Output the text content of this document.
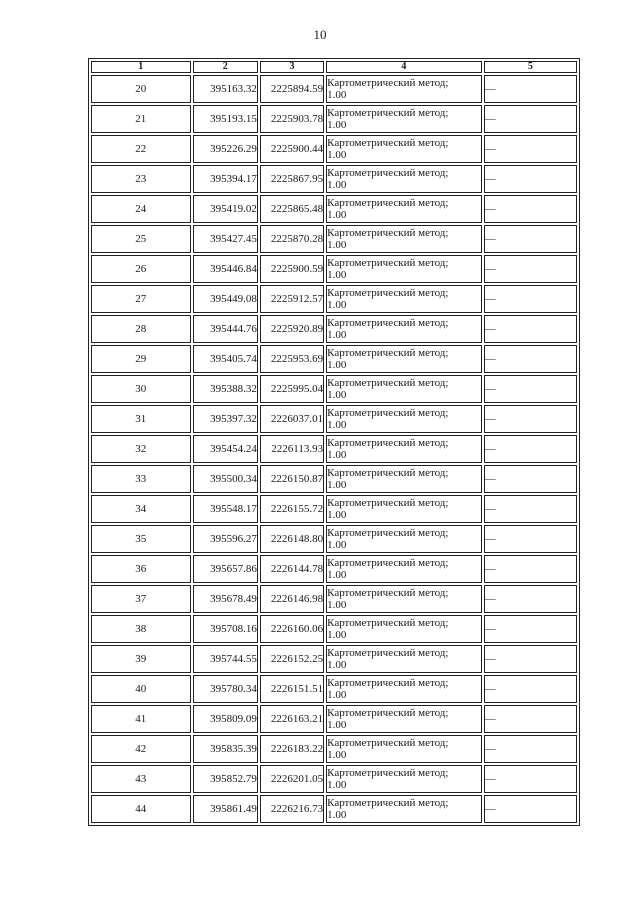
10
1	2	3	4	5
20	395163.32	2225894.59	Картометрический метод;
1.00	—
21	395193.15	2225903.78	Картометрический метод;
1.00	—
22	395226.29	2225900.44	Картометрический метод;
1.00	—
23	395394.17	2225867.95	Картометрический метод;
1.00	—
24	395419.02	2225865.48	Картометрический метод;
1.00	—
25	395427.45	2225870.28	Картометрический метод;
1.00	—
26	395446.84	2225900.59	Картометрический метод;
1.00	—
27	395449.08	2225912.57	Картометрический метод;
1.00	—
28	395444.76	2225920.89	Картометрический метод;
1.00	—
29	395405.74	2225953.69	Картометрический метод;
1.00	—
30	395388.32	2225995.04	Картометрический метод;
1.00	—
31	395397.32	2226037.01	Картометрический метод;
1.00	—
32	395454.24	2226113.93	Картометрический метод;
1.00	—
33	395500.34	2226150.87	Картометрический метод;
1.00	—
34	395548.17	2226155.72	Картометрический метод;
1.00	—
35	395596.27	2226148.80	Картометрический метод;
1.00	—
36	395657.86	2226144.78	Картометрический метод;
1.00	—
37	395678.49	2226146.98	Картометрический метод;
1.00	—
38	395708.16	2226160.06	Картометрический метод;
1.00	—
39	395744.55	2226152.25	Картометрический метод;
1.00	—
40	395780.34	2226151.51	Картометрический метод;
1.00	—
41	395809.09	2226163.21	Картометрический метод;
1.00	—
42	395835.39	2226183.22	Картометрический метод;
1.00	—
43	395852.79	2226201.05	Картометрический метод;
1.00	—
44	395861.49	2226216.73	Картометрический метод;
1.00	—
